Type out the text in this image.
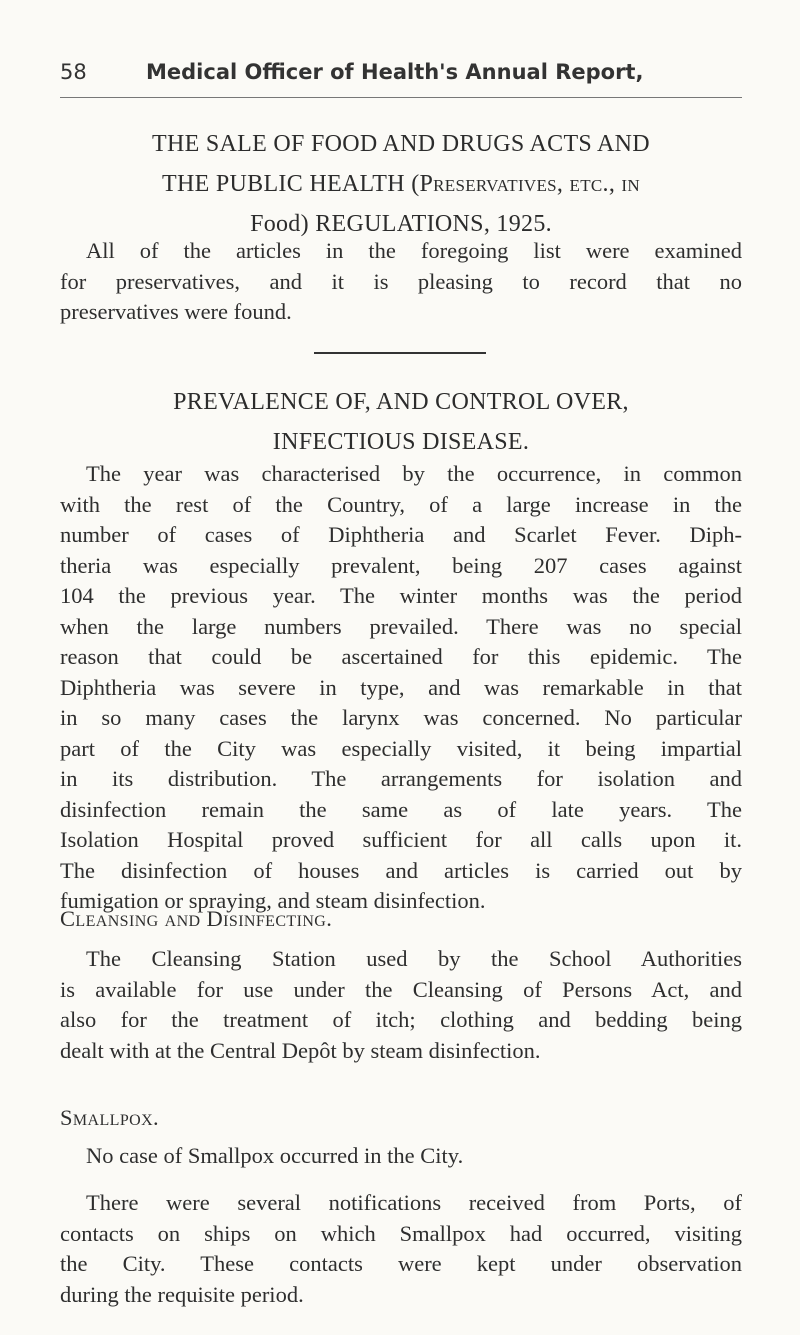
58	Medical Officer of Health's Annual Report,
THE SALE OF FOOD AND DRUGS ACTS AND
THE PUBLIC HEALTH (Preservatives, etc., in
Food) REGULATIONS, 1925.
All of the articles in the foregoing list were examined
for preservatives, and it is pleasing to record that no
preservatives were found.
PREVALENCE OF, AND CONTROL OVER,
INFECTIOUS DISEASE.
The year was characterised by the occurrence, in common
with the rest of the Country, of a large increase in the
number of cases of Diphtheria and Scarlet Fever. Diph-
theria was especially prevalent, being 207 cases against
104 the previous year. The winter months was the period
when the large numbers prevailed. There was no special
reason that could be ascertained for this epidemic. The
Diphtheria was severe in type, and was remarkable in that
in so many cases the larynx was concerned. No particular
part of the City was especially visited, it being impartial
in its distribution. The arrangements for isolation and
disinfection remain the same as of late years. The
Isolation Hospital proved sufficient for all calls upon it.
The disinfection of houses and articles is carried out by
fumigation or spraying, and steam disinfection.
Cleansing and Disinfecting.
The Cleansing Station used by the School Authorities
is available for use under the Cleansing of Persons Act, and
also for the treatment of itch; clothing and bedding being
dealt with at the Central Depôt by steam disinfection.
Smallpox.
No case of Smallpox occurred in the City.
There were several notifications received from Ports, of
contacts on ships on which Smallpox had occurred, visiting
the City. These contacts were kept under observation
during the requisite period.
